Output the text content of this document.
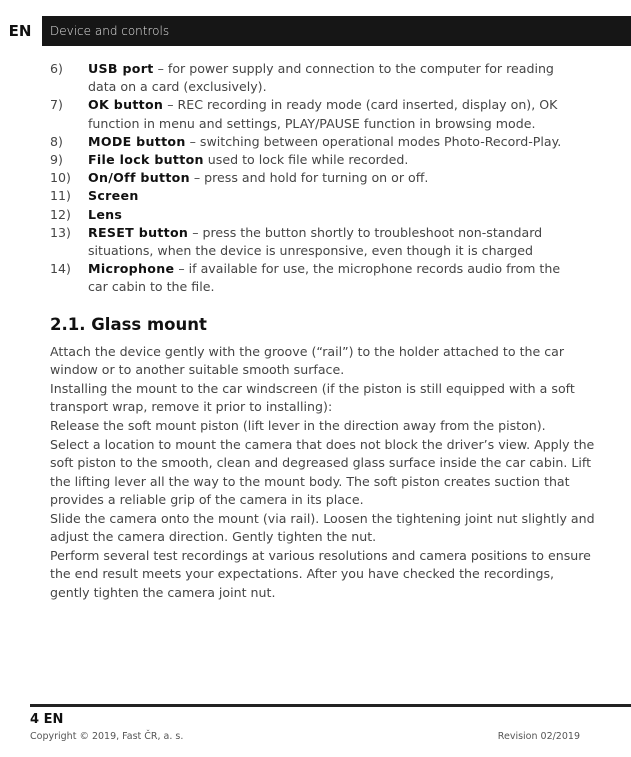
EN	Device and controls
6) USB port – for power supply and connection to the computer for reading data on a card (exclusively).
7) OK button – REC recording in ready mode (card inserted, display on), OK function in menu and settings, PLAY/PAUSE function in browsing mode.
8) MODE button – switching between operational modes Photo-Record-Play.
9) File lock button used to lock file while recorded.
10) On/Off button – press and hold for turning on or off.
11) Screen
12) Lens
13) RESET button – press the button shortly to troubleshoot non-standard situations, when the device is unresponsive, even though it is charged
14) Microphone – if available for use, the microphone records audio from the car cabin to the file.
2.1. Glass mount

Attach the device gently with the groove (“rail”) to the holder attached to the car window or to another suitable smooth surface.

Installing the mount to the car windscreen (if the piston is still equipped with a soft transport wrap, remove it prior to installing):

Release the soft mount piston (lift lever in the direction away from the piston).

Select a location to mount the camera that does not block the driver’s view. Apply the soft piston to the smooth, clean and degreased glass surface inside the car cabin. Lift the lifting lever all the way to the mount body. The soft piston creates suction that provides a reliable grip of the camera in its place.

Slide the camera onto the mount (via rail). Loosen the tightening joint nut slightly and adjust the camera direction. Gently tighten the nut.

Perform several test recordings at various resolutions and camera positions to ensure the end result meets your expectations. After you have checked the recordings, gently tighten the camera joint nut.

4 EN
Copyright © 2019, Fast ČR, a. s.	Revision 02/2019
